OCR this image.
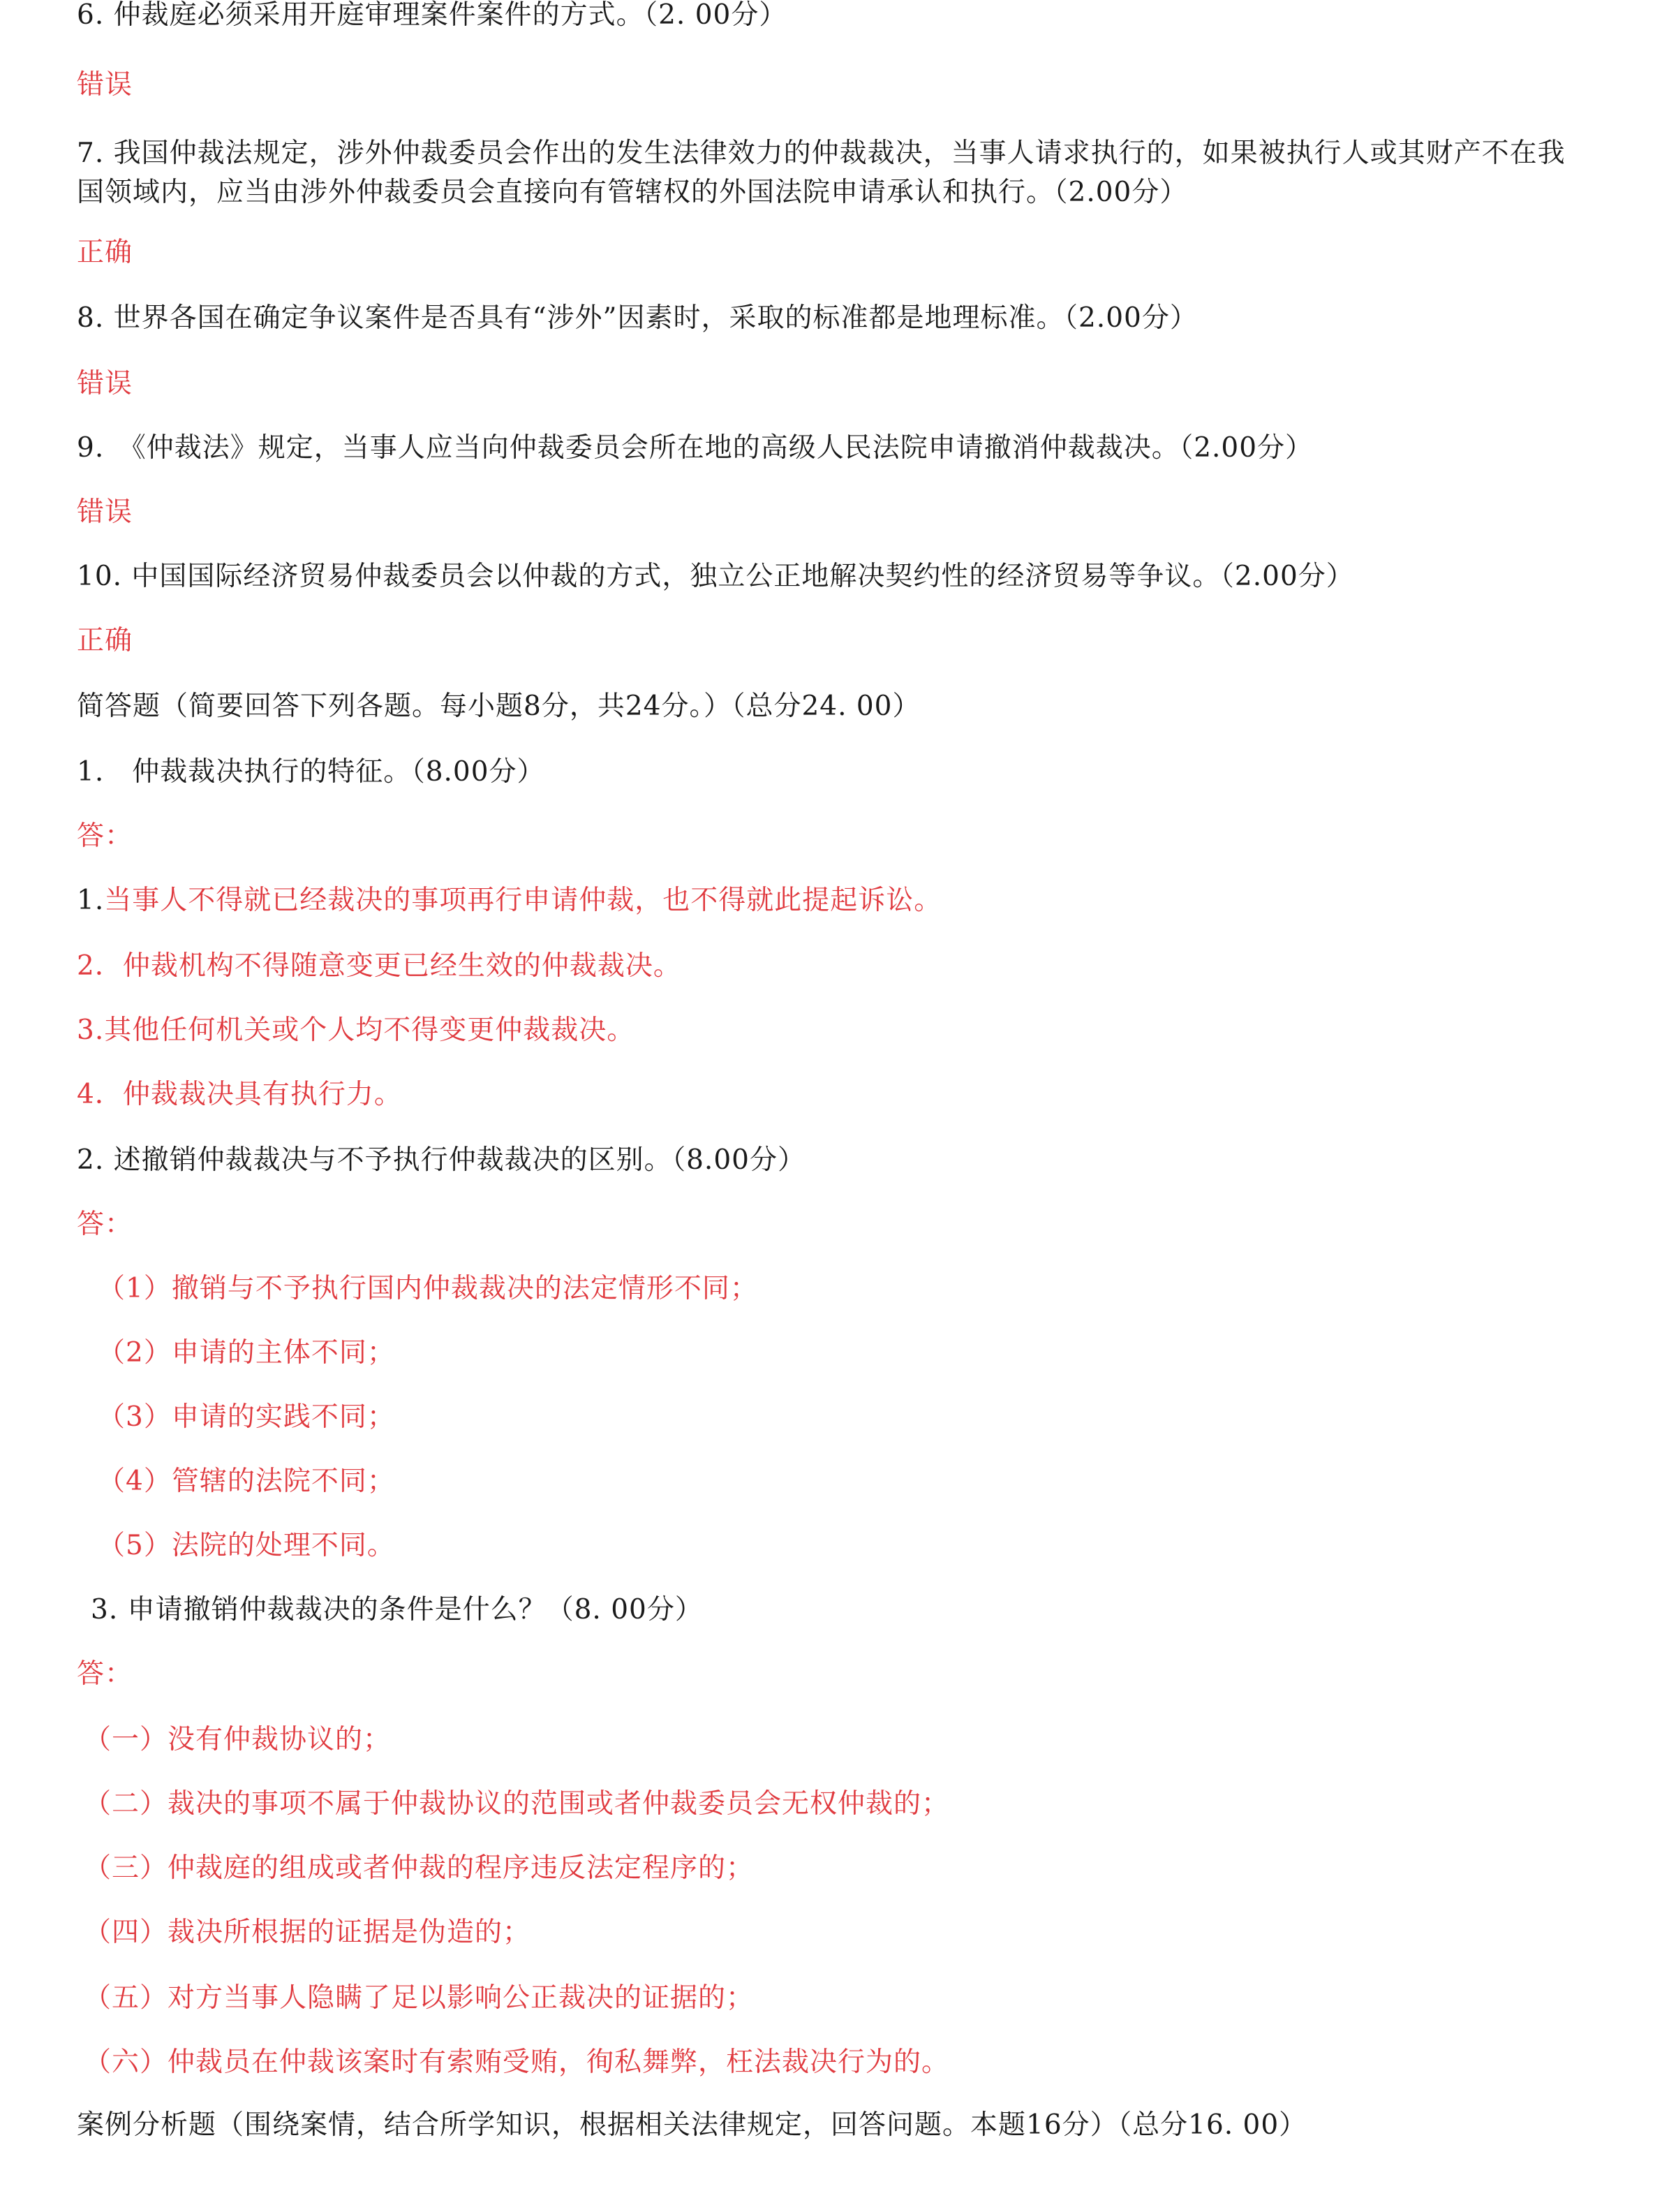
6. 仲裁庭必须采用开庭审理案件案件的方式。（2. 00分）
错误
7. 我国仲裁法规定，涉外仲裁委员会作出的发生法律效力的仲裁裁决，当事人请求执行的，如果被执行人或其财产不在我国领域内，应当由涉外仲裁委员会直接向有管辖权的外国法院申请承认和执行。（2.00分）
正确
8. 世界各国在确定争议案件是否具有“涉外”因素时，采取的标准都是地理标准。（2.00分）
错误
9.　《仲裁法》规定，当事人应当向仲裁委员会所在地的高级人民法院申请撤消仲裁裁决。（2.00分）
错误
10. 中国国际经济贸易仲裁委员会以仲裁的方式，独立公正地解决契约性的经济贸易等争议。（2.00分）
正确
简答题（简要回答下列各题。每小题8分，共24分。）（总分24. 00）
1.　仲裁裁决执行的特征。（8.00分）
答：
1.当事人不得就已经裁决的事项再行申请仲裁，也不得就此提起诉讼。
2．仲裁机构不得随意变更已经生效的仲裁裁决。
3.其他任何机关或个人均不得变更仲裁裁决。
4．仲裁裁决具有执行力。
2. 述撤销仲裁裁决与不予执行仲裁裁决的区别。（8.00分）
答：
（1）撤销与不予执行国内仲裁裁决的法定情形不同；
（2）申请的主体不同；
（3）申请的实践不同；
（4）管辖的法院不同；
（5）法院的处理不同。
3. 申请撤销仲裁裁决的条件是什么？（8. 00分）
答：
（一）没有仲裁协议的；
（二）裁决的事项不属于仲裁协议的范围或者仲裁委员会无权仲裁的；
（三）仲裁庭的组成或者仲裁的程序违反法定程序的；
（四）裁决所根据的证据是伪造的；
（五）对方当事人隐瞒了足以影响公正裁决的证据的；
（六）仲裁员在仲裁该案时有索贿受贿，徇私舞弊，枉法裁决行为的。
案例分析题（围绕案情，结合所学知识，根据相关法律规定，回答问题。本题16分）（总分16. 00）
